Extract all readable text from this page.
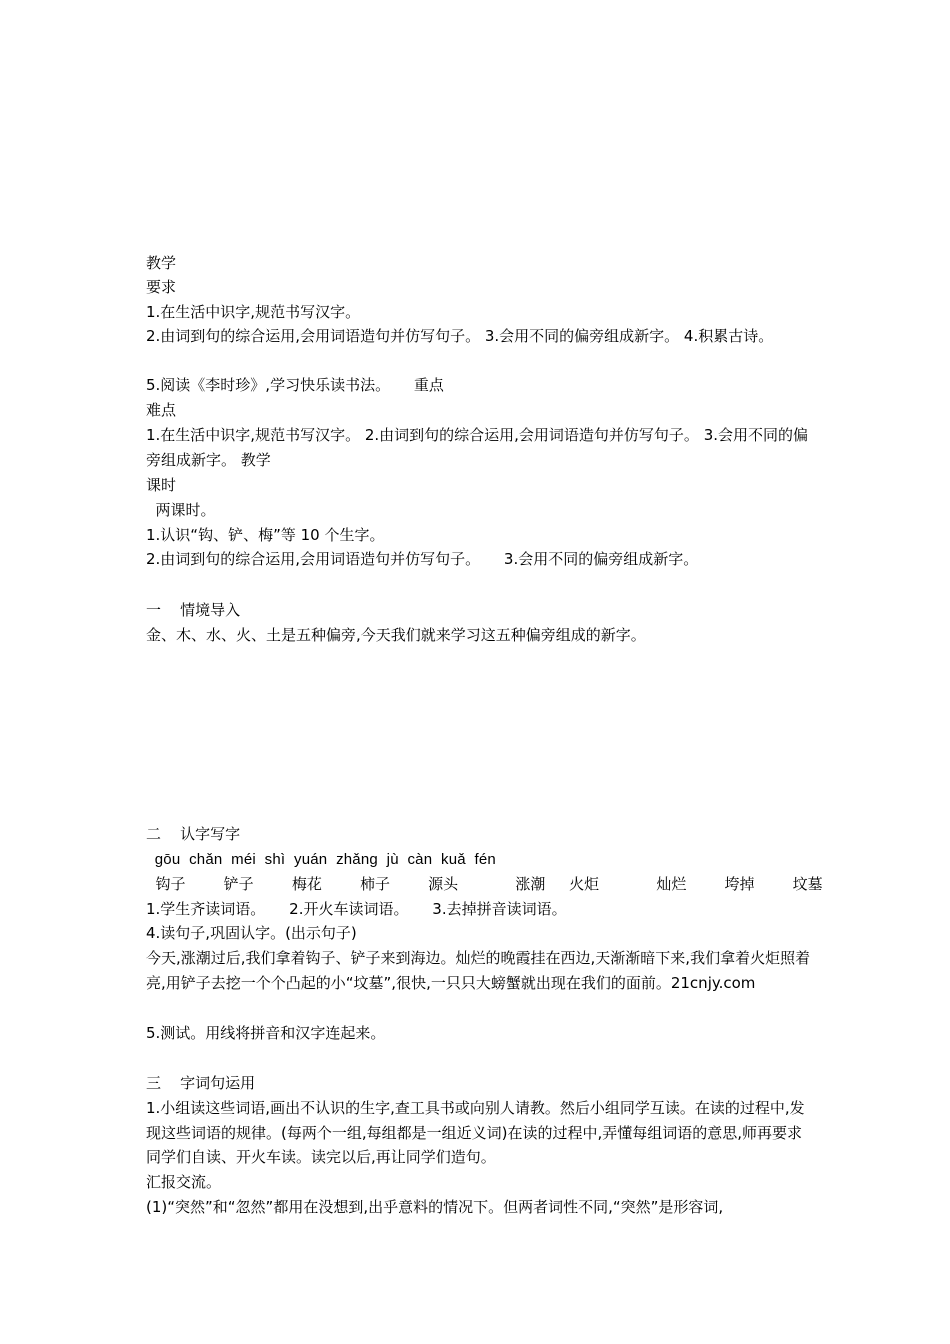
教学
要求
1.在生活中识字,规范书写汉字。
2.由词到句的综合运用,会用词语造句并仿写句子。 3.会用不同的偏旁组成新字。 4.积累古诗。
5.阅读《李时珍》,学习快乐读书法。     重点
难点
1.在生活中识字,规范书写汉字。 2.由词到句的综合运用,会用词语造句并仿写句子。 3.会用不同的偏旁组成新字。 教学
课时
两课时。
1.认识“钩、铲、梅”等 10 个生字。
2.由词到句的综合运用,会用词语造句并仿写句子。     3.会用不同的偏旁组成新字。
一    情境导入
金、木、水、火、土是五种偏旁,今天我们就来学习这五种偏旁组成的新字。
二    认字写字
gōu  chǎn  méi  shì  yuán  zhǎng  jù  càn  kuǎ  fén
钩子        铲子        梅花        柿子        源头            涨潮     火炬            灿烂        垮掉        坟墓
1.学生齐读词语。     2.开火车读词语。     3.去掉拼音读词语。
4.读句子,巩固认字。(出示句子)
今天,涨潮过后,我们拿着钩子、铲子来到海边。灿烂的晚霞挂在西边,天渐渐暗下来,我们拿着火炬照着亮,用铲子去挖一个个凸起的小“坟墓”,很快,一只只大螃蟹就出现在我们的面前。21cnjy.com
5.测试。用线将拼音和汉字连起来。
三    字词句运用
1.小组读这些词语,画出不认识的生字,查工具书或向别人请教。然后小组同学互读。在读的过程中,发现这些词语的规律。(每两个一组,每组都是一组近义词)在读的过程中,弄懂每组词语的意思,师再要求同学们自读、开火车读。读完以后,再让同学们造句。
汇报交流。
(1)“突然”和“忽然”都用在没想到,出乎意料的情况下。但两者词性不同,“突然”是形容词,
